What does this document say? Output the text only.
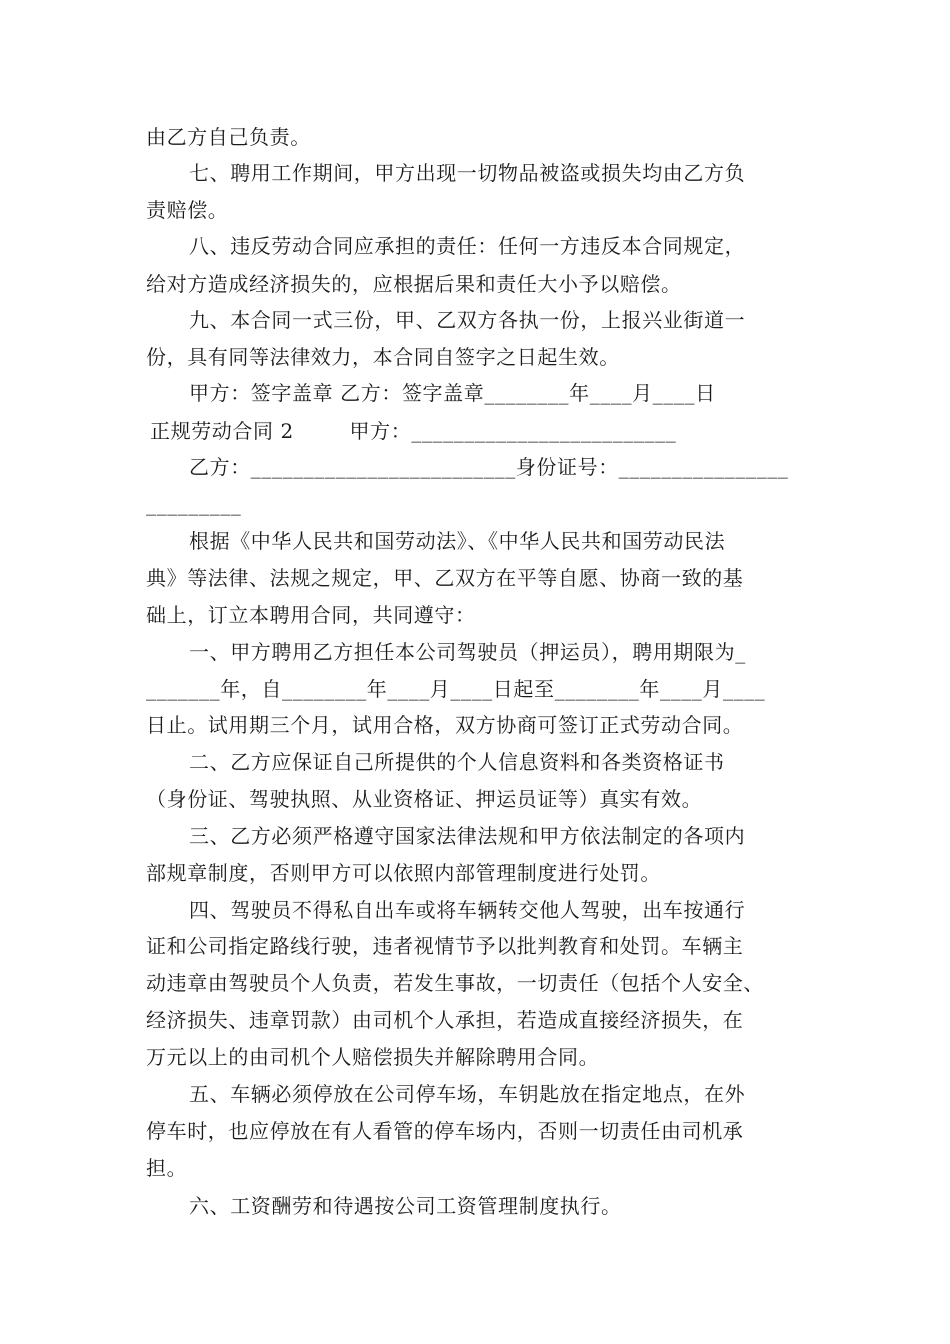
由乙方自己负责。

七、聘用工作期间，甲方出现一切物品被盗或损失均由乙方负

责赔偿。

八、违反劳动合同应承担的责任：任何一方违反本合同规定，

给对方造成经济损失的，应根据后果和责任大小予以赔偿。

九、本合同一式三份，甲、乙双方各执一份，上报兴业街道一

份，具有同等法律效力，本合同自签字之日起生效。

甲方：签字盖章 乙方：签字盖章________年____月____日

正规劳动合同 2        甲方：_________________________

乙方：_________________________身份证号：________________

_________

根据《中华人民共和国劳动法》、《中华人民共和国劳动民法

典》等法律、法规之规定，甲、乙双方在平等自愿、协商一致的基

础上，订立本聘用合同，共同遵守：

一、甲方聘用乙方担任本公司驾驶员（押运员），聘用期限为_

_______年，自________年____月____日起至________年____月____

日止。试用期三个月，试用合格，双方协商可签订正式劳动合同。

二、乙方应保证自己所提供的个人信息资料和各类资格证书

（身份证、驾驶执照、从业资格证、押运员证等）真实有效。

三、乙方必须严格遵守国家法律法规和甲方依法制定的各项内

部规章制度，否则甲方可以依照内部管理制度进行处罚。

四、驾驶员不得私自出车或将车辆转交他人驾驶，出车按通行

证和公司指定路线行驶，违者视情节予以批判教育和处罚。车辆主

动违章由驾驶员个人负责，若发生事故，一切责任（包括个人安全、

经济损失、违章罚款）由司机个人承担，若造成直接经济损失，在

万元以上的由司机个人赔偿损失并解除聘用合同。

五、车辆必须停放在公司停车场，车钥匙放在指定地点，在外

停车时，也应停放在有人看管的停车场内，否则一切责任由司机承

担。

六、工资酬劳和待遇按公司工资管理制度执行。
